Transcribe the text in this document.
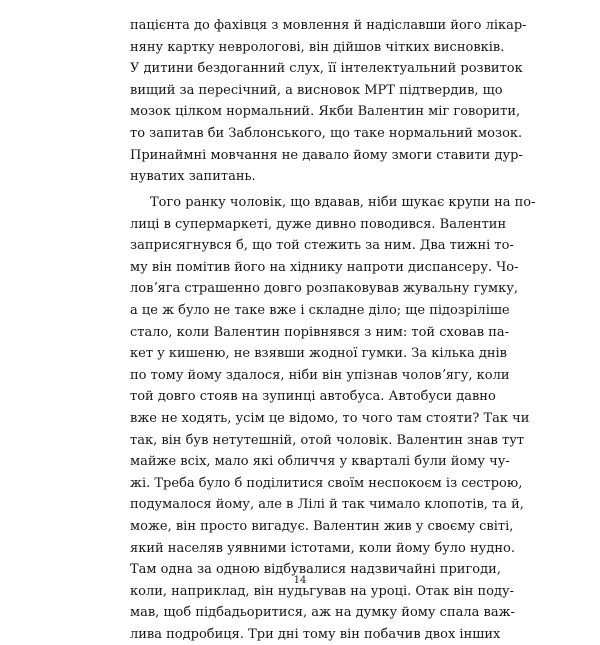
пацієнта до фахівця з мовлення й надіславши його лікар-
няну картку неврологові, він дійшов чітких висновків.
У дитини бездоганний слух, її інтелектуальний розвиток
вищий за пересічний, а висновок МРТ підтвердив, що
мозок цілком нормальний. Якби Валентин міг говорити,
то запитав би Заблонського, що таке нормальний мозок.
Принаймні мовчання не давало йому змоги ставити дур-
нуватих запитань.
Того ранку чоловік, що вдавав, ніби шукає крупи на по-
лиці в супермаркеті, дуже дивно поводився. Валентин
заприсягнувся б, що той стежить за ним. Два тижні то-
му він помітив його на хіднику напроти диспансеру. Чо-
ловʼяга страшенно довго розпаковував жувальну гумку,
а це ж було не таке вже і складне діло; ще підозріліше
стало, коли Валентин порівнявся з ним: той сховав па-
кет у кишеню, не взявши жодної гумки. За кілька днів
по тому йому здалося, ніби він упізнав чоловʼягу, коли
той довго стояв на зупинці автобуса. Автобуси давно
вже не ходять, усім це відомо, то чого там стояти? Так чи
так, він був нетутешній, отой чоловік. Валентин знав тут
майже всіх, мало які обличчя у кварталі були йому чу-
жі. Треба було б поділитися своїм неспокоєм із сестрою,
подумалося йому, але в Лілі й так чимало клопотів, та й,
може, він просто вигадує. Валентин жив у своєму світі,
який населяв уявними істотами, коли йому було нудно.
Там одна за одною відбувалися надзвичайні пригоди,
коли, наприклад, він нудьгував на уроці. Отак він поду-
мав, щоб підбадьоритися, аж на думку йому спала важ-
лива подробиця. Три дні тому він побачив двох інших
14
